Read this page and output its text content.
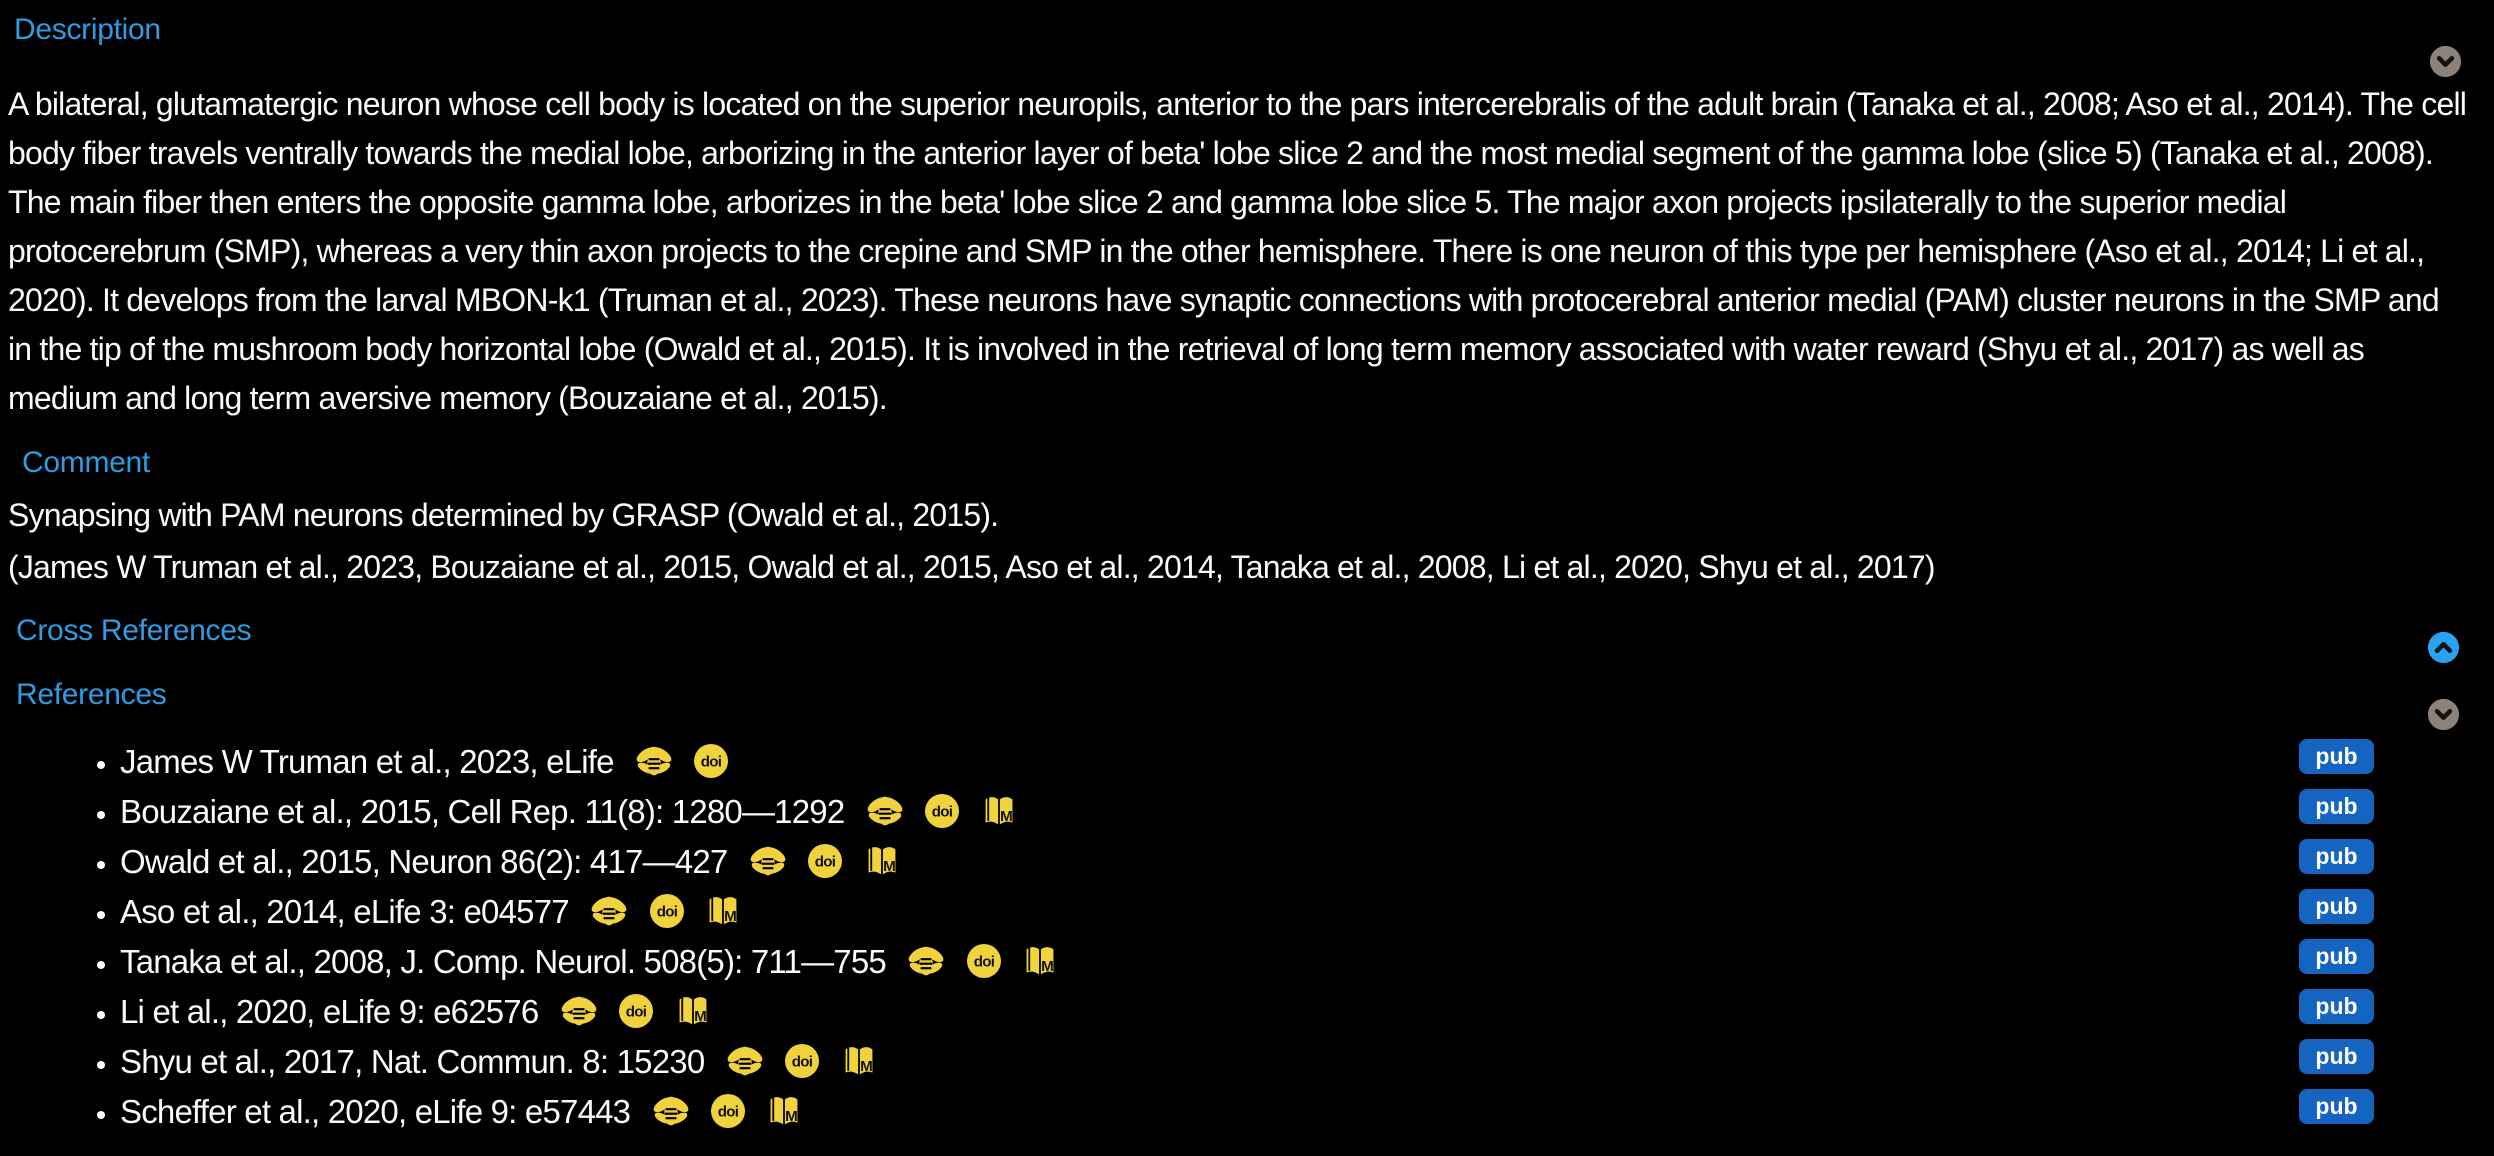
Description

A bilateral, glutamatergic neuron whose cell body is located on the superior neuropils, anterior to the pars intercerebralis of the adult brain (Tanaka et al., 2008; Aso et al., 2014). The cell body fiber travels ventrally towards the medial lobe, arborizing in the anterior layer of beta' lobe slice 2 and the most medial segment of the gamma lobe (slice 5) (Tanaka et al., 2008). The main fiber then enters the opposite gamma lobe, arborizes in the beta' lobe slice 2 and gamma lobe slice 5. The major axon projects ipsilaterally to the superior medial protocerebrum (SMP), whereas a very thin axon projects to the crepine and SMP in the other hemisphere. There is one neuron of this type per hemisphere (Aso et al., 2014; Li et al., 2020). It develops from the larval MBON-k1 (Truman et al., 2023). These neurons have synaptic connections with protocerebral anterior medial (PAM) cluster neurons in the SMP and in the tip of the mushroom body horizontal lobe (Owald et al., 2015). It is involved in the retrieval of long term memory associated with water reward (Shyu et al., 2017) as well as medium and long term aversive memory (Bouzaiane et al., 2015).

Comment

Synapsing with PAM neurons determined by GRASP (Owald et al., 2015).

(James W Truman et al., 2023, Bouzaiane et al., 2015, Owald et al., 2015, Aso et al., 2014, Tanaka et al., 2008, Li et al., 2020, Shyu et al., 2017)

Cross References
References
• James W Truman et al., 2023, eLife
	doi
• Bouzaiane et al., 2015, Cell Rep. 11(8): 1280—1292
	doi
	M
• Owald et al., 2015, Neuron 86(2): 417—427
	doi
	M
• Aso et al., 2014, eLife 3: e04577
	doi
	M
• Tanaka et al., 2008, J. Comp. Neurol. 508(5): 711—755
	doi
	M
• Li et al., 2020, eLife 9: e62576
	doi
	M
• Shyu et al., 2017, Nat. Commun. 8: 15230
	doi
	M
• Scheffer et al., 2020, eLife 9: e57443
	doi
	M
pub
pub
pub
pub
pub
pub
pub
pub
